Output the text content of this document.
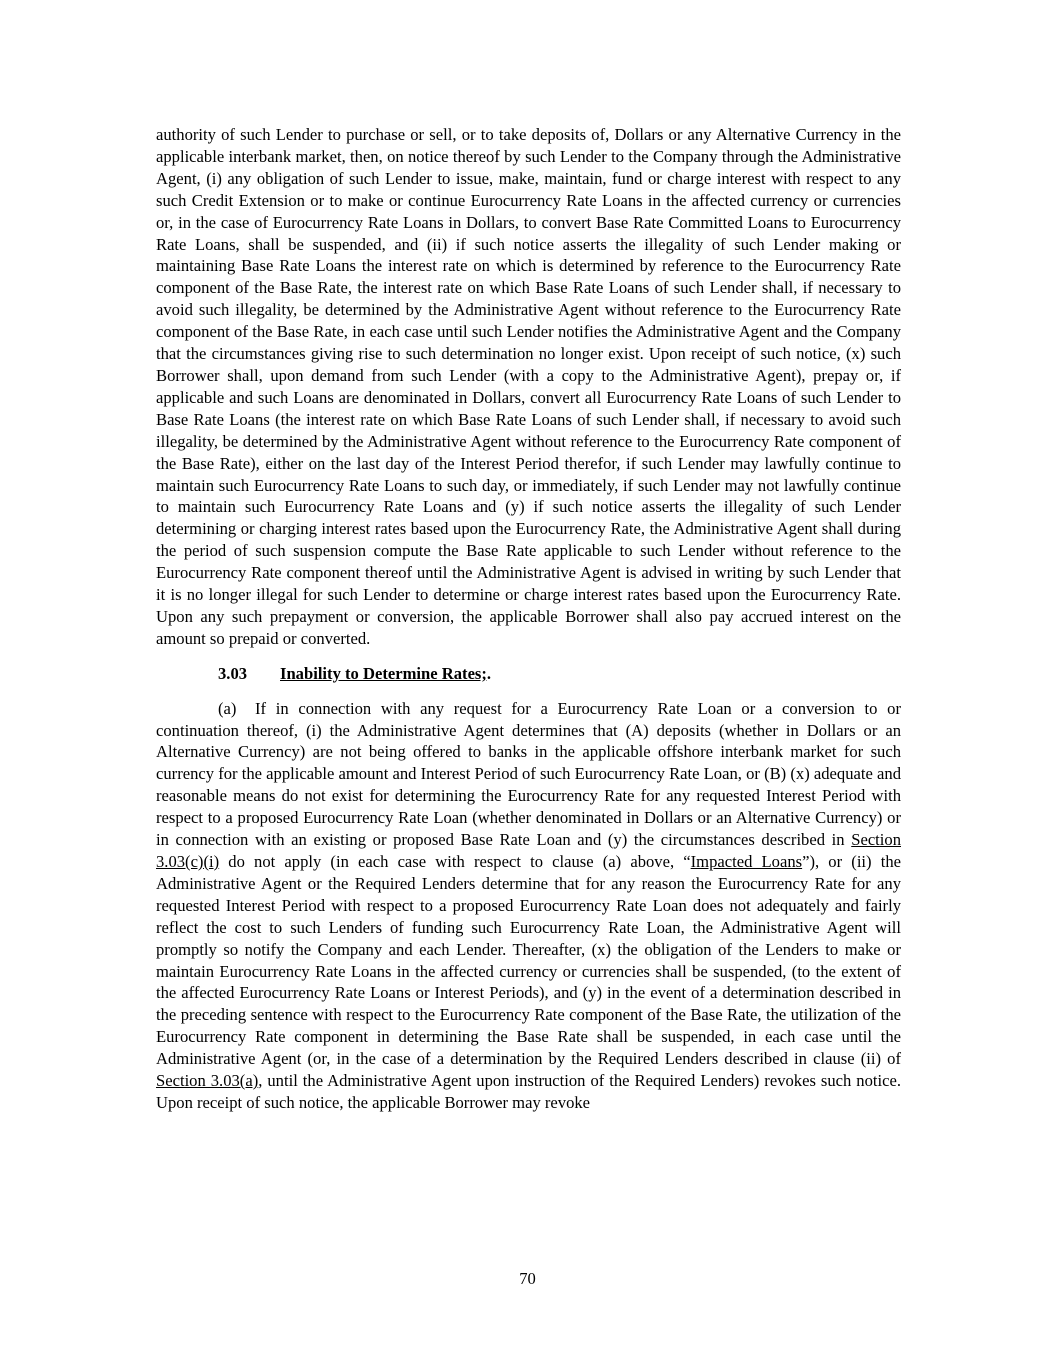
authority of such Lender to purchase or sell, or to take deposits of, Dollars or any Alternative Currency in the applicable interbank market, then, on notice thereof by such Lender to the Company through the Administrative Agent, (i) any obligation of such Lender to issue, make, maintain, fund or charge interest with respect to any such Credit Extension or to make or continue Eurocurrency Rate Loans in the affected currency or currencies or, in the case of Eurocurrency Rate Loans in Dollars, to convert Base Rate Committed Loans to Eurocurrency Rate Loans, shall be suspended, and (ii) if such notice asserts the illegality of such Lender making or maintaining Base Rate Loans the interest rate on which is determined by reference to the Eurocurrency Rate component of the Base Rate, the interest rate on which Base Rate Loans of such Lender shall, if necessary to avoid such illegality, be determined by the Administrative Agent without reference to the Eurocurrency Rate component of the Base Rate, in each case until such Lender notifies the Administrative Agent and the Company that the circumstances giving rise to such determination no longer exist. Upon receipt of such notice, (x) such Borrower shall, upon demand from such Lender (with a copy to the Administrative Agent), prepay or, if applicable and such Loans are denominated in Dollars, convert all Eurocurrency Rate Loans of such Lender to Base Rate Loans (the interest rate on which Base Rate Loans of such Lender shall, if necessary to avoid such illegality, be determined by the Administrative Agent without reference to the Eurocurrency Rate component of the Base Rate), either on the last day of the Interest Period therefor, if such Lender may lawfully continue to maintain such Eurocurrency Rate Loans to such day, or immediately, if such Lender may not lawfully continue to maintain such Eurocurrency Rate Loans and (y) if such notice asserts the illegality of such Lender determining or charging interest rates based upon the Eurocurrency Rate, the Administrative Agent shall during the period of such suspension compute the Base Rate applicable to such Lender without reference to the Eurocurrency Rate component thereof until the Administrative Agent is advised in writing by such Lender that it is no longer illegal for such Lender to determine or charge interest rates based upon the Eurocurrency Rate. Upon any such prepayment or conversion, the applicable Borrower shall also pay accrued interest on the amount so prepaid or converted.

3.03	Inability to Determine Rates;.

(a) If in connection with any request for a Eurocurrency Rate Loan or a conversion to or continuation thereof, (i) the Administrative Agent determines that (A) deposits (whether in Dollars or an Alternative Currency) are not being offered to banks in the applicable offshore interbank market for such currency for the applicable amount and Interest Period of such Eurocurrency Rate Loan, or (B) (x) adequate and reasonable means do not exist for determining the Eurocurrency Rate for any requested Interest Period with respect to a proposed Eurocurrency Rate Loan (whether denominated in Dollars or an Alternative Currency) or in connection with an existing or proposed Base Rate Loan and (y) the circumstances described in Section 3.03(c)(i) do not apply (in each case with respect to clause (a) above, “Impacted Loans”), or (ii) the Administrative Agent or the Required Lenders determine that for any reason the Eurocurrency Rate for any requested Interest Period with respect to a proposed Eurocurrency Rate Loan does not adequately and fairly reflect the cost to such Lenders of funding such Eurocurrency Rate Loan, the Administrative Agent will promptly so notify the Company and each Lender. Thereafter, (x) the obligation of the Lenders to make or maintain Eurocurrency Rate Loans in the affected currency or currencies shall be suspended, (to the extent of the affected Eurocurrency Rate Loans or Interest Periods), and (y) in the event of a determination described in the preceding sentence with respect to the Eurocurrency Rate component of the Base Rate, the utilization of the Eurocurrency Rate component in determining the Base Rate shall be suspended, in each case until the Administrative Agent (or, in the case of a determination by the Required Lenders described in clause (ii) of Section 3.03(a), until the Administrative Agent upon instruction of the Required Lenders) revokes such notice. Upon receipt of such notice, the applicable Borrower may revoke

70
